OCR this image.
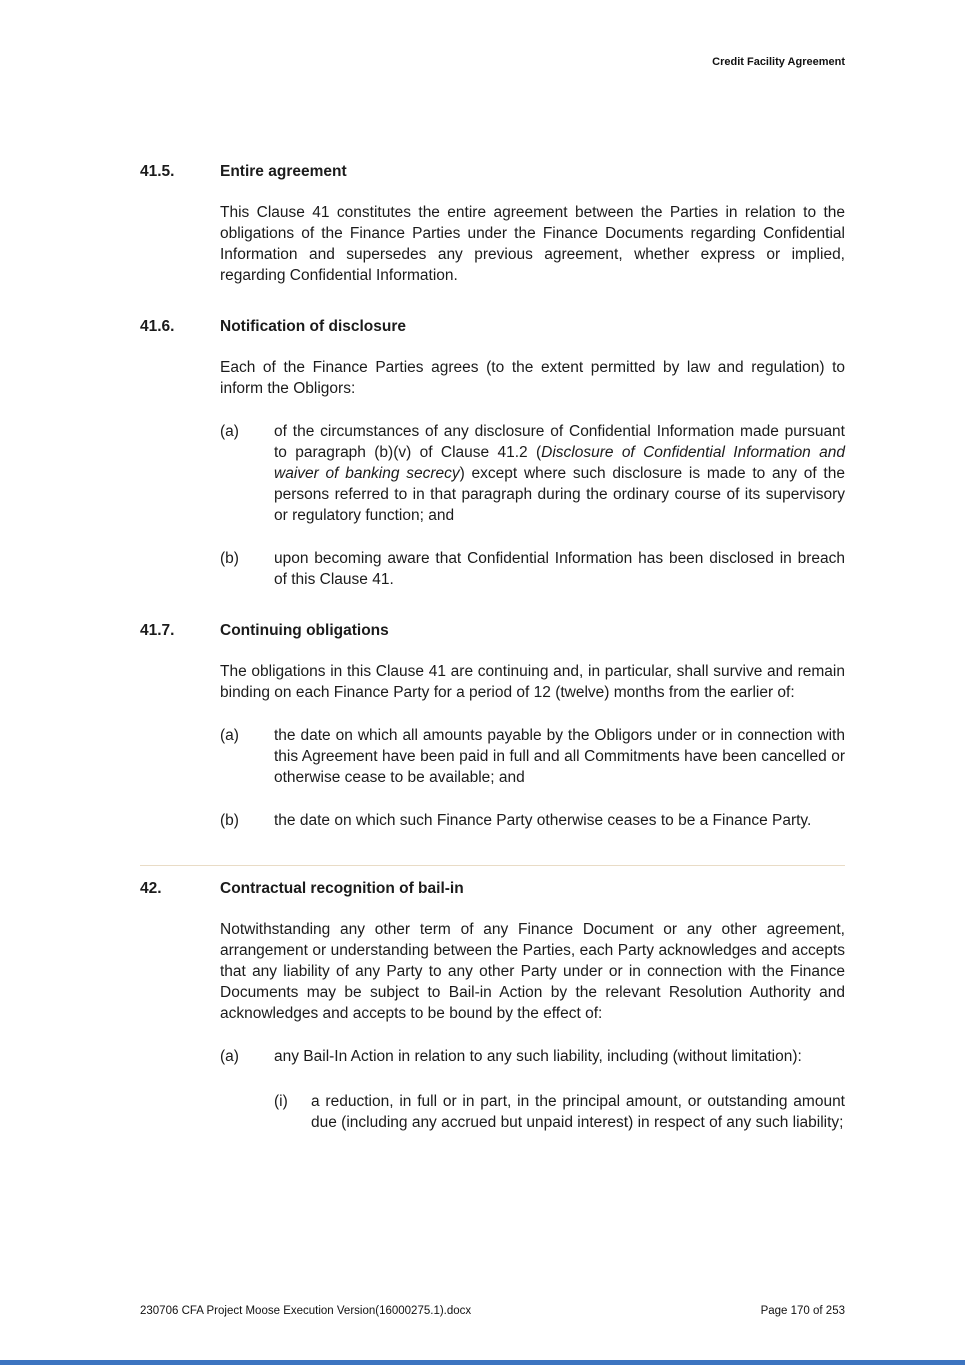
Credit Facility Agreement
41.5.	Entire agreement

This Clause 41 constitutes the entire agreement between the Parties in relation to the obligations of the Finance Parties under the Finance Documents regarding Confidential Information and supersedes any previous agreement, whether express or implied, regarding Confidential Information.

41.6.	Notification of disclosure

Each of the Finance Parties agrees (to the extent permitted by law and regulation) to inform the Obligors:

(a)	of the circumstances of any disclosure of Confidential Information made pursuant to paragraph (b)(v) of Clause 41.2 (Disclosure of Confidential Information and waiver of banking secrecy) except where such disclosure is made to any of the persons referred to in that paragraph during the ordinary course of its supervisory or regulatory function; and
(b)	upon becoming aware that Confidential Information has been disclosed in breach of this Clause 41.
41.7.	Continuing obligations

The obligations in this Clause 41 are continuing and, in particular, shall survive and remain binding on each Finance Party for a period of 12 (twelve) months from the earlier of:

(a)	the date on which all amounts payable by the Obligors under or in connection with this Agreement have been paid in full and all Commitments have been cancelled or otherwise cease to be available; and
(b)	the date on which such Finance Party otherwise ceases to be a Finance Party.
42.	Contractual recognition of bail-in

Notwithstanding any other term of any Finance Document or any other agreement, arrangement or understanding between the Parties, each Party acknowledges and accepts that any liability of any Party to any other Party under or in connection with the Finance Documents may be subject to Bail-in Action by the relevant Resolution Authority and acknowledges and accepts to be bound by the effect of:

(a)	any Bail-In Action in relation to any such liability, including (without limitation):
(i)	a reduction, in full or in part, in the principal amount, or outstanding amount due (including any accrued but unpaid interest) in respect of any such liability;
230706 CFA Project Moose Execution Version(16000275.1).docx	Page 170 of 253
